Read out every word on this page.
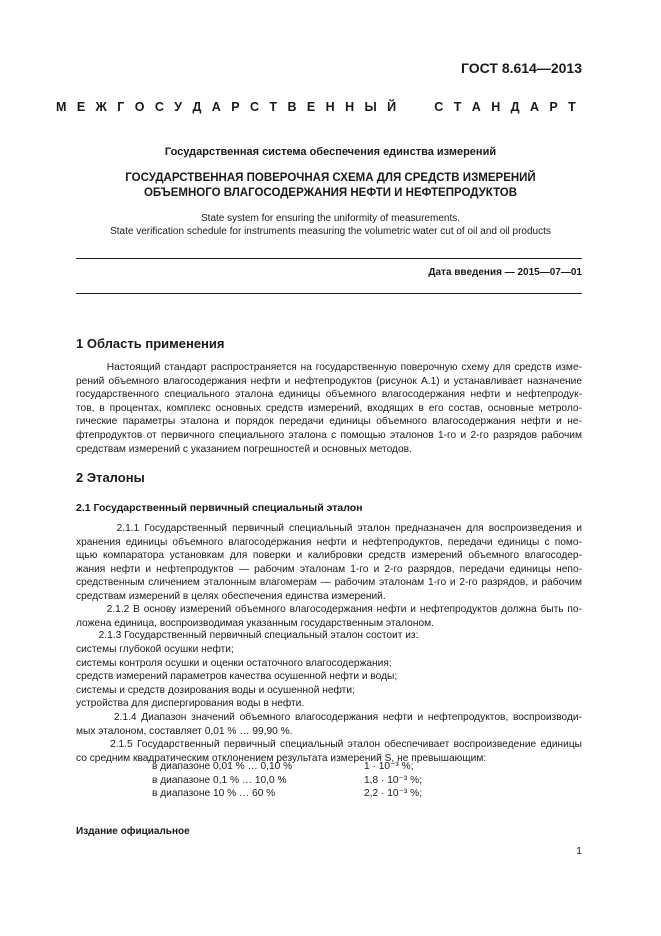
ГОСТ 8.614—2013
М Е Ж Г О С У Д А Р С Т В Е Н Н Ы Й

	С Т А Н Д А Р Т
Государственная система обеспечения единства измерений
ГОСУДАРСТВЕННАЯ ПОВЕРОЧНАЯ СХЕМА ДЛЯ СРЕДСТВ ИЗМЕРЕНИЙ
ОБЪЕМНОГО ВЛАГОСОДЕРЖАНИЯ НЕФТИ И НЕФТЕПРОДУКТОВ
State system for ensuring the uniformity of measurements.
State verification schedule for instruments measuring the volumetric water cut of oil and oil products
Дата введения — 2015—07—01
1 Область применения
Настоящий стандарт распространяется на государственную поверочную схему для средств изме-
рений объемного влагосодержания нефти и нефтепродуктов (рисунок А.1) и устанавливает назначение
государственного специального эталона единицы объемного влагосодержания нефти и нефтепродук-
тов, в процентах, комплекс основных средств измерений, входящих в его состав, основные метроло-
гические параметры эталона и порядок передачи единицы объемного влагосодержания нефти и не-
фтепродуктов от первичного специального эталона с помощью эталонов 1-го и 2-го разрядов рабочим
средствам измерений с указанием погрешностей и основных методов.
2 Эталоны
2.1 Государственный первичный специальный эталон
2.1.1 Государственный первичный специальный эталон предназначен для воспроизведения и
хранения единицы объемного влагосодержания нефти и нефтепродуктов, передачи единицы с помо-
щью компаратора установкам для поверки и калибровки средств измерений объемного влагосодер-
жания нефти и нефтепродуктов — рабочим эталонам 1-го и 2-го разрядов, передачи единицы непо-
средственным сличением эталонным влагомерам — рабочим эталонам 1-го и 2-го разрядов, и рабочим
средствам измерений в целях обеспечения единства измерений.
2.1.2 В основу измерений объемного влагосодержания нефти и нефтепродуктов должна быть по-
ложена единица, воспроизводимая указанным государственным эталоном.
2.1.3 Государственный первичный специальный эталон состоит из:
системы глубокой осушки нефти;
системы контроля осушки и оценки остаточного влагосодержания;
средств измерений параметров качества осушенной нефти и воды;
системы и средств дозирования воды и осушенной нефти;
устройства для диспергирования воды в нефти.
2.1.4 Диапазон значений объемного влагосодержания нефти и нефтепродуктов, воспроизводи-
мых эталоном, составляет 0,01 % … 99,90 %.
2.1.5 Государственный первичный специальный эталон обеспечивает воспроизведение единицы
со средним квадратическим отклонением результата измерений S, не превышающим:
в диапазоне 0,01 % … 0,10 %	1 · 10⁻³ %;
в диапазоне 0,1 % … 10,0 %	1,8 · 10⁻³ %;
в диапазоне 10 % … 60 %	2,2 · 10⁻³ %;
Издание официальное
1
